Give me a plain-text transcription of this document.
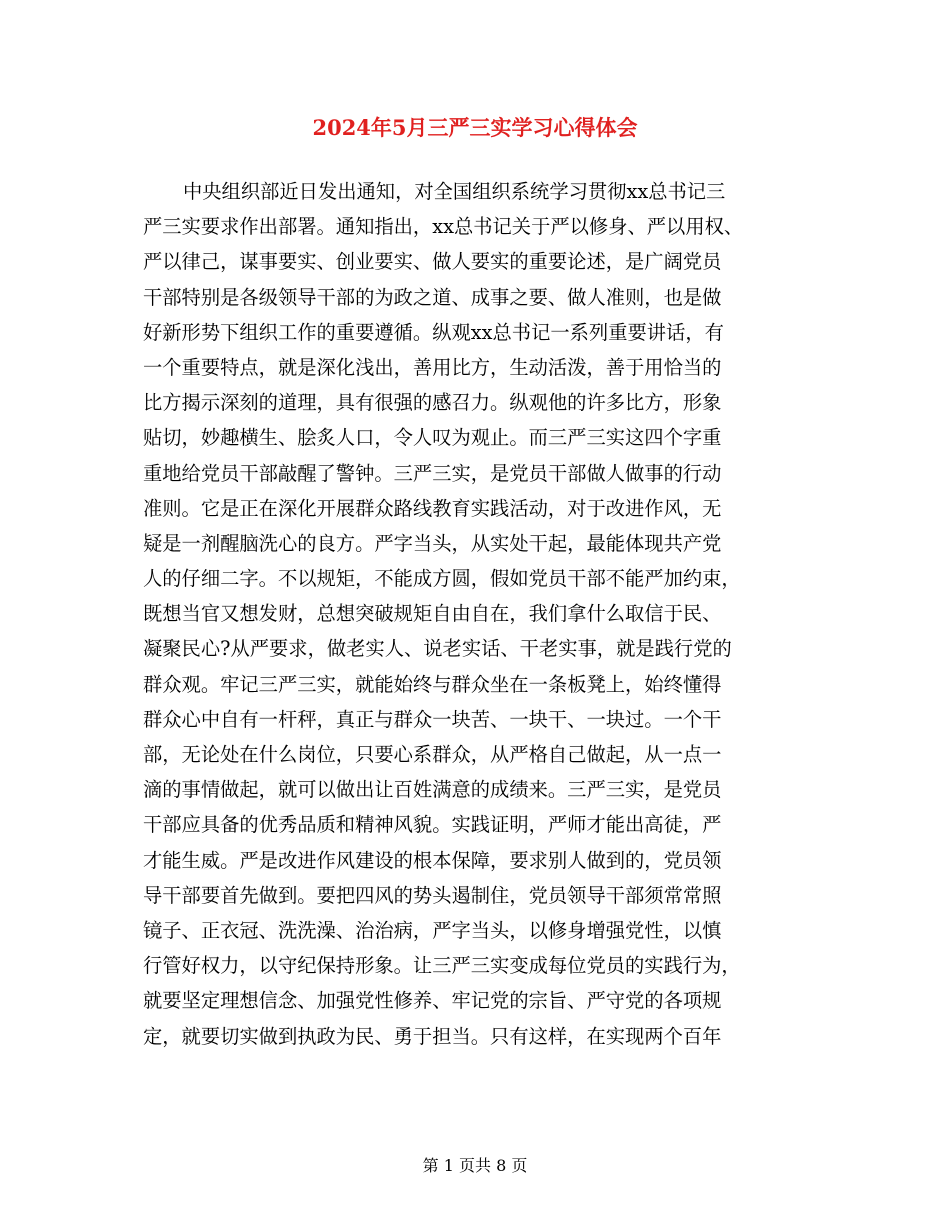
2024年5月三严三实学习心得体会
中央组织部近日发出通知，对全国组织系统学习贯彻xx总书记三
严三实要求作出部署。通知指出，xx总书记关于严以修身、严以用权、
严以律己，谋事要实、创业要实、做人要实的重要论述，是广阔党员
干部特别是各级领导干部的为政之道、成事之要、做人准则，也是做
好新形势下组织工作的重要遵循。纵观xx总书记一系列重要讲话，有
一个重要特点，就是深化浅出，善用比方，生动活泼，善于用恰当的
比方揭示深刻的道理，具有很强的感召力。纵观他的许多比方，形象
贴切，妙趣横生、脍炙人口，令人叹为观止。而三严三实这四个字重
重地给党员干部敲醒了警钟。三严三实，是党员干部做人做事的行动
准则。它是正在深化开展群众路线教育实践活动，对于改进作风，无
疑是一剂醒脑洗心的良方。严字当头，从实处干起，最能体现共产党
人的仔细二字。不以规矩，不能成方圆，假如党员干部不能严加约束，
既想当官又想发财，总想突破规矩自由自在，我们拿什么取信于民、
凝聚民心?从严要求，做老实人、说老实话、干老实事，就是践行党的
群众观。牢记三严三实，就能始终与群众坐在一条板凳上，始终懂得
群众心中自有一杆秤，真正与群众一块苦、一块干、一块过。一个干
部，无论处在什么岗位，只要心系群众，从严格自己做起，从一点一
滴的事情做起，就可以做出让百姓满意的成绩来。三严三实，是党员
干部应具备的优秀品质和精神风貌。实践证明，严师才能出高徒，严
才能生威。严是改进作风建设的根本保障，要求别人做到的，党员领
导干部要首先做到。要把四风的势头遏制住，党员领导干部须常常照
镜子、正衣冠、洗洗澡、治治病，严字当头，以修身增强党性，以慎
行管好权力，以守纪保持形象。让三严三实变成每位党员的实践行为，
就要坚定理想信念、加强党性修养、牢记党的宗旨、严守党的各项规
定，就要切实做到执政为民、勇于担当。只有这样，在实现两个百年
第 1 页共 8 页
